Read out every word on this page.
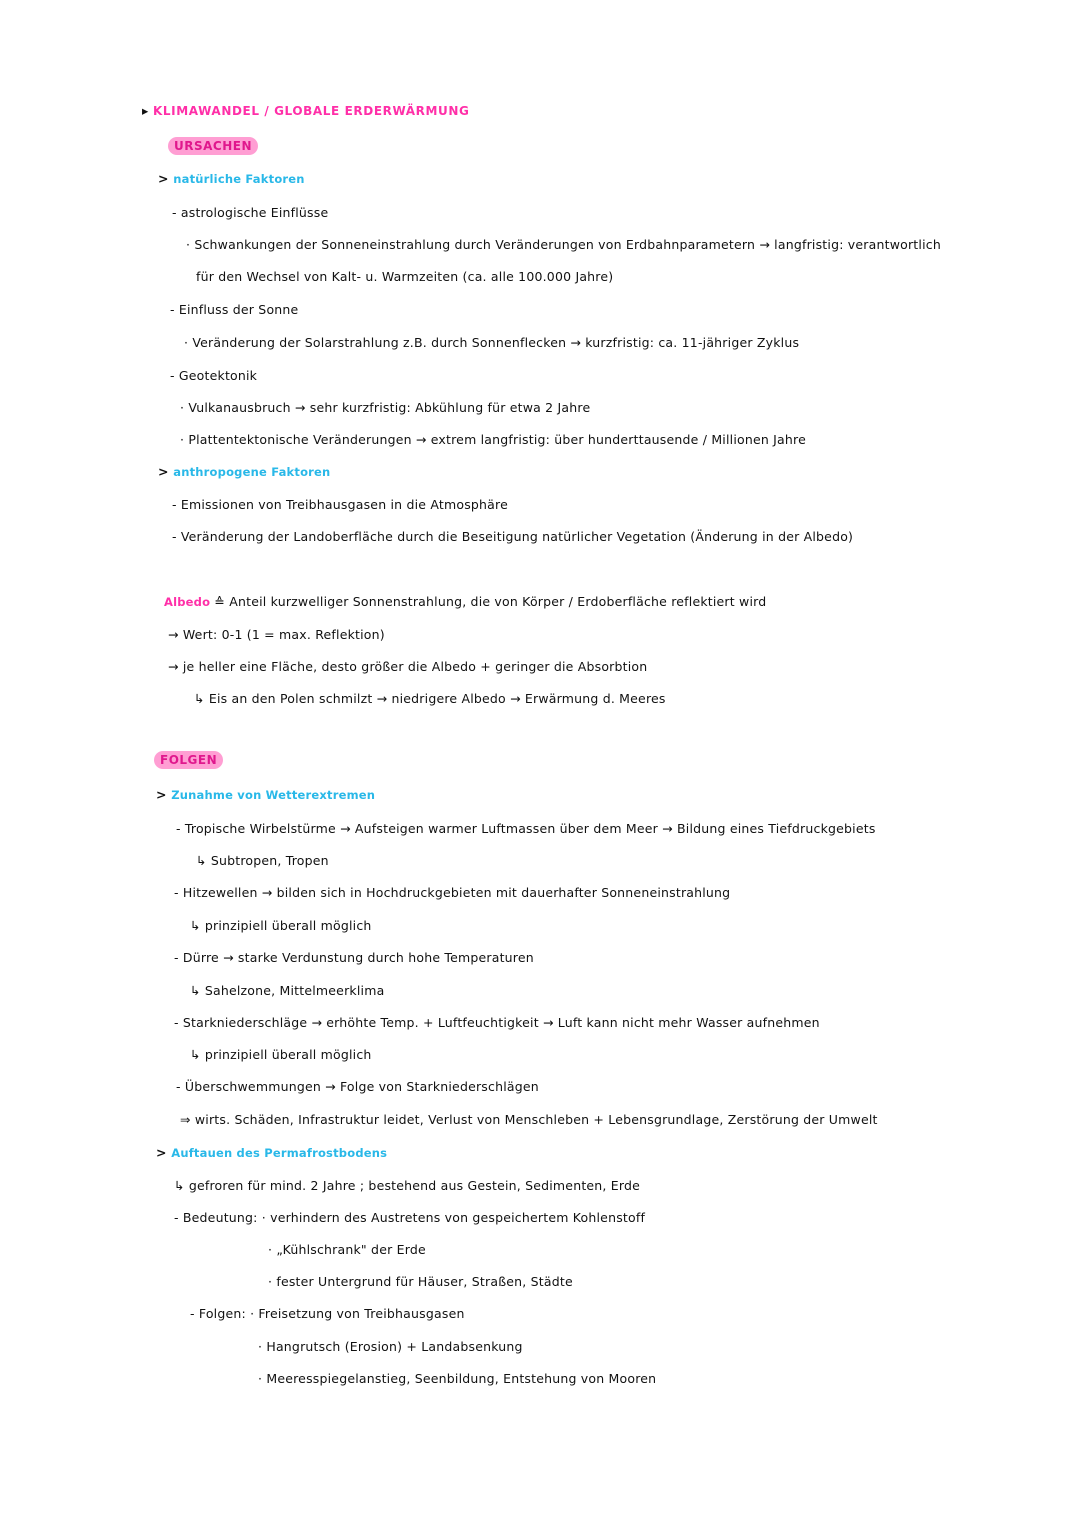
▸ KLIMAWANDEL / GLOBALE ERDERWÄRMUNG
URSACHEN
> natürliche Faktoren
- astrologische Einflüsse
· Schwankungen der Sonneneinstrahlung durch Veränderungen von Erdbahnparametern → langfristig: verantwortlich
für den Wechsel von Kalt- u. Warmzeiten (ca. alle 100.000 Jahre)
- Einfluss der Sonne
· Veränderung der Solarstrahlung z.B. durch Sonnenflecken → kurzfristig: ca. 11-jähriger Zyklus
- Geotektonik
· Vulkanausbruch → sehr kurzfristig: Abkühlung für etwa 2 Jahre
· Plattentektonische Veränderungen → extrem langfristig: über hunderttausende / Millionen Jahre
> anthropogene Faktoren
- Emissionen von Treibhausgasen in die Atmosphäre
- Veränderung der Landoberfläche durch die Beseitigung natürlicher Vegetation (Änderung in der Albedo)
Albedo ≙ Anteil kurzwelliger Sonnenstrahlung, die von Körper / Erdoberfläche reflektiert wird
→ Wert: 0-1 (1 = max. Reflektion)
→ je heller eine Fläche, desto größer die Albedo + geringer die Absorbtion
↳ Eis an den Polen schmilzt → niedrigere Albedo → Erwärmung d. Meeres
FOLGEN
> Zunahme von Wetterextremen
- Tropische Wirbelstürme → Aufsteigen warmer Luftmassen über dem Meer → Bildung eines Tiefdruckgebiets
↳ Subtropen, Tropen
- Hitzewellen → bilden sich in Hochdruckgebieten mit dauerhafter Sonneneinstrahlung
↳ prinzipiell überall möglich
- Dürre → starke Verdunstung durch hohe Temperaturen
↳ Sahelzone, Mittelmeerklima
- Starkniederschläge → erhöhte Temp. + Luftfeuchtigkeit → Luft kann nicht mehr Wasser aufnehmen
↳ prinzipiell überall möglich
- Überschwemmungen → Folge von Starkniederschlägen
⇒ wirts. Schäden, Infrastruktur leidet, Verlust von Menschleben + Lebensgrundlage, Zerstörung der Umwelt
> Auftauen des Permafrostbodens
↳ gefroren für mind. 2 Jahre ; bestehend aus Gestein, Sedimenten, Erde
- Bedeutung: · verhindern des Austretens von gespeichertem Kohlenstoff
· „Kühlschrank" der Erde
· fester Untergrund für Häuser, Straßen, Städte
- Folgen: · Freisetzung von Treibhausgasen
· Hangrutsch (Erosion) + Landabsenkung
· Meeresspiegelanstieg, Seenbildung, Entstehung von Mooren
